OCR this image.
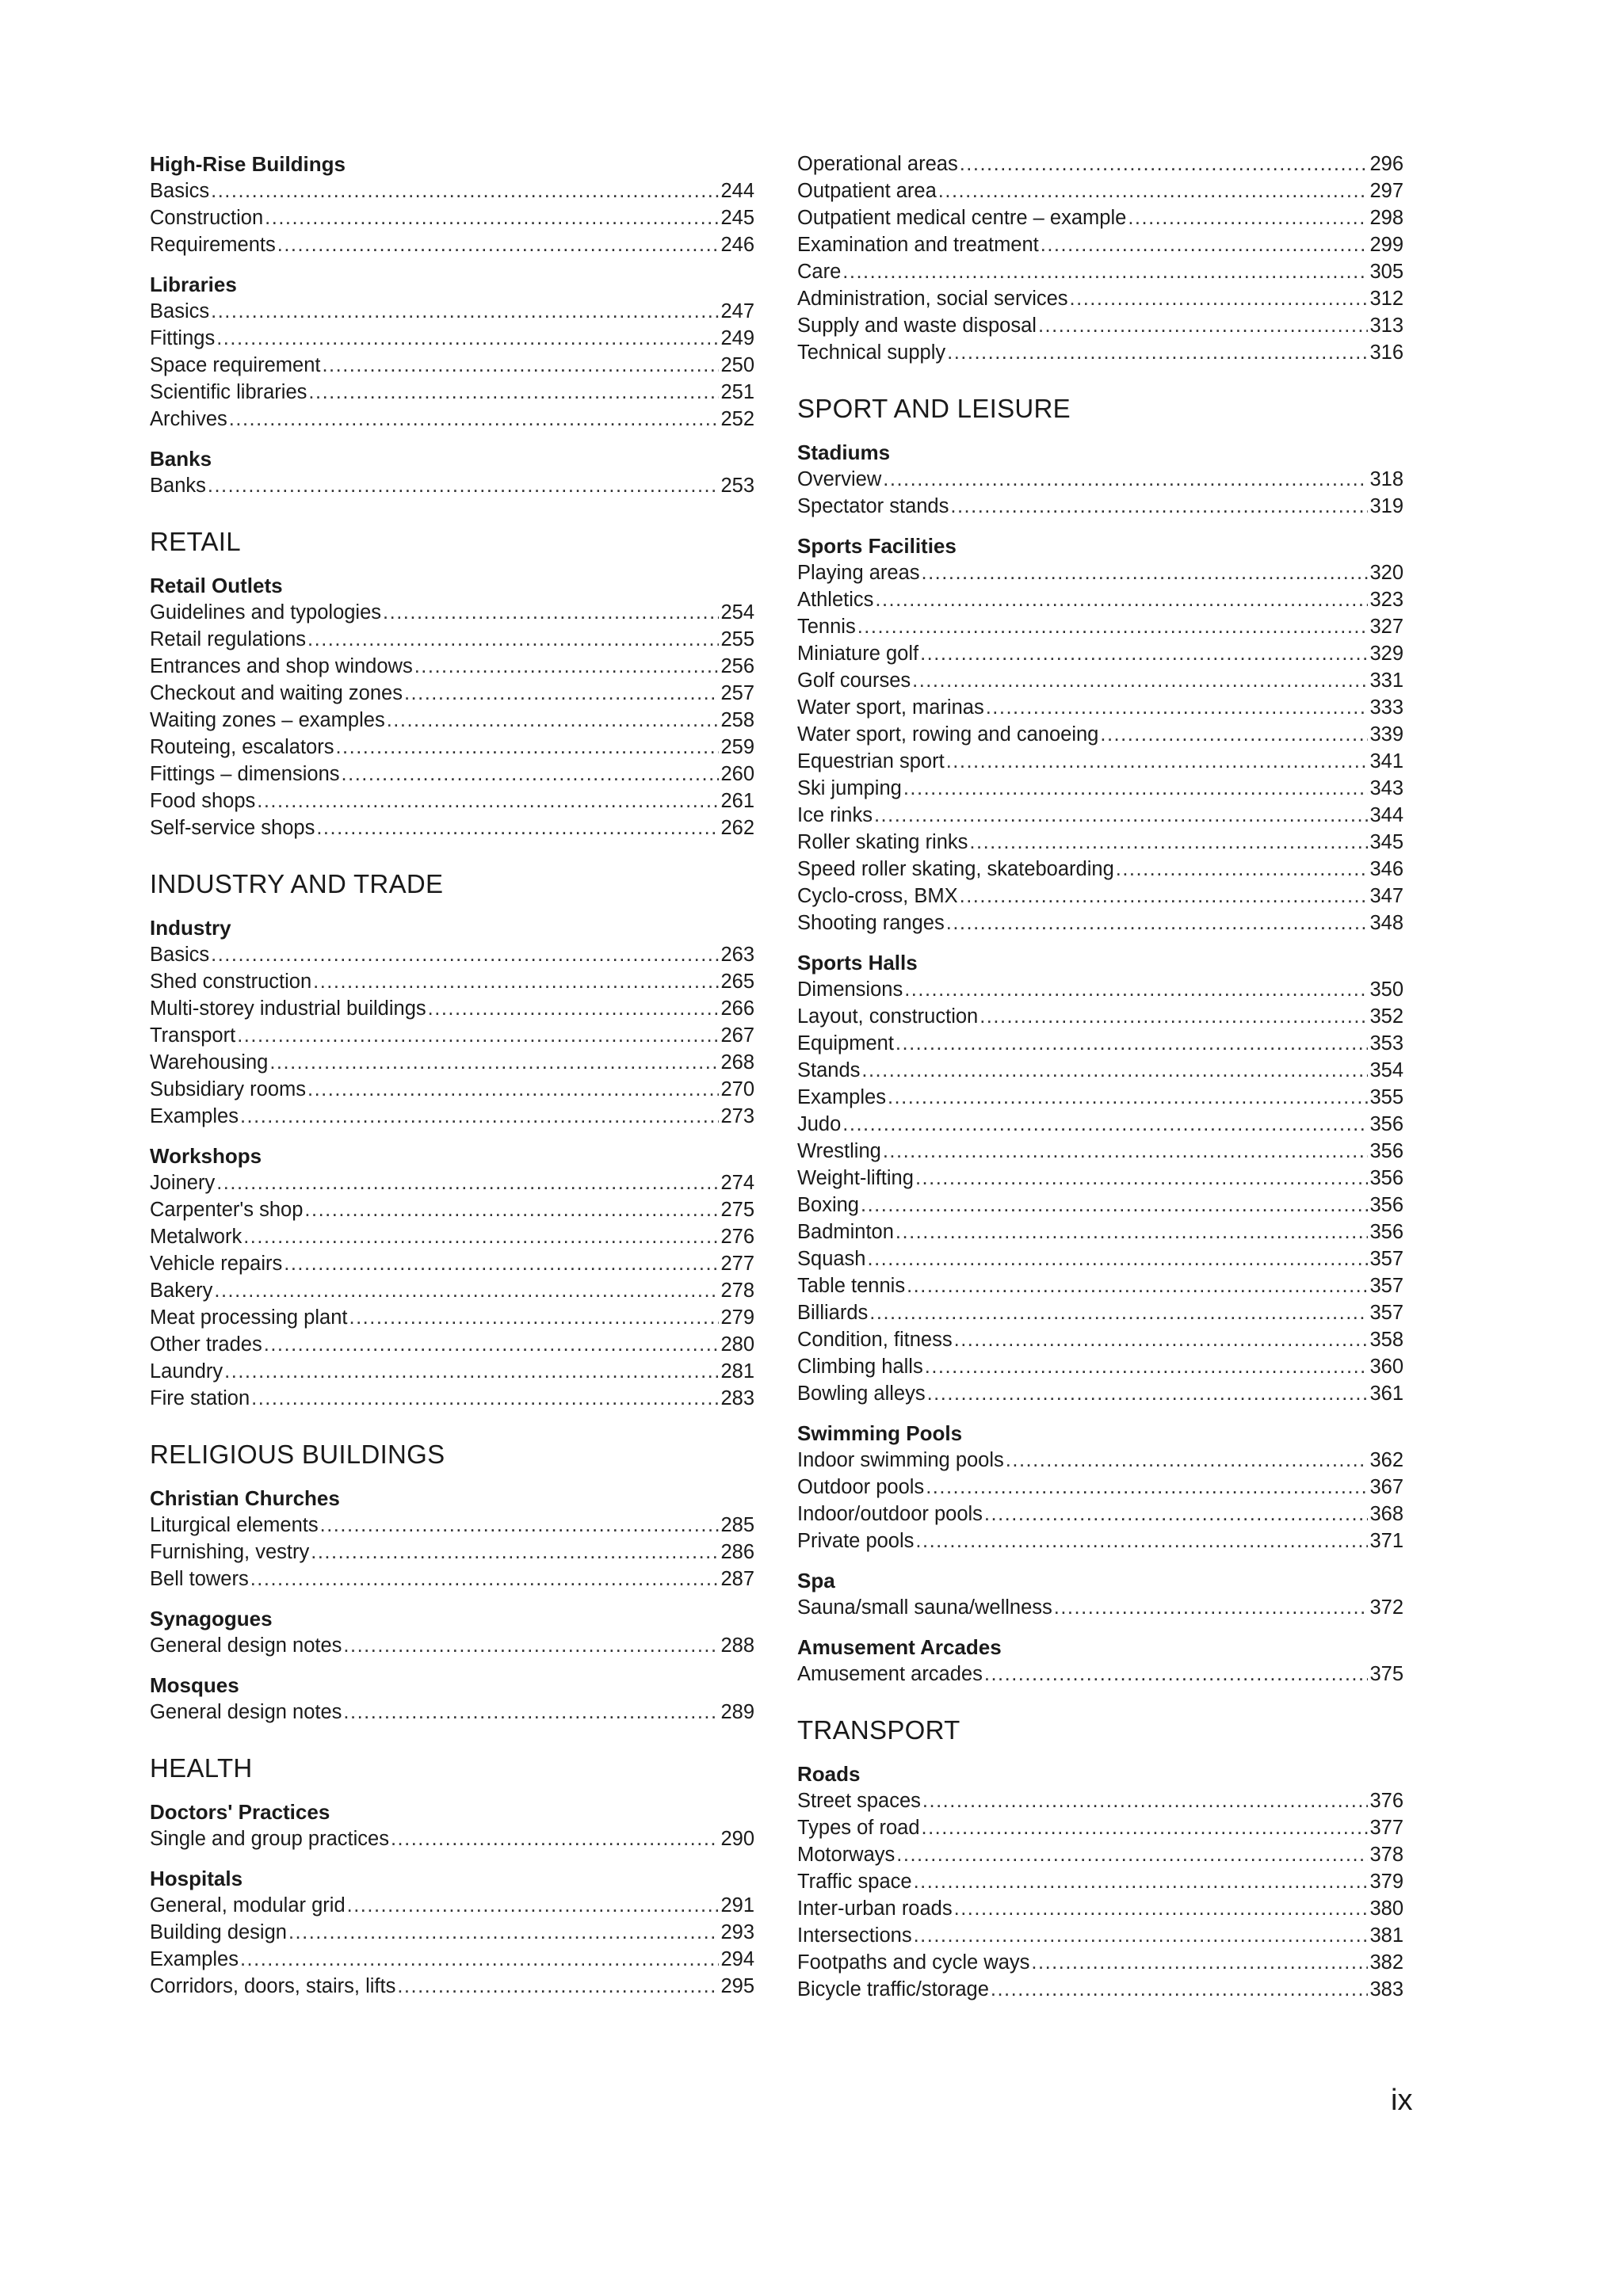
High-Rise Buildings
Basics .....	244
Construction .....	245
Requirements .....	246
Libraries
Basics .....	247
Fittings .....	249
Space requirement .....	250
Scientific libraries .....	251
Archives .....	252
Banks
Banks .....	253
RETAIL
Retail Outlets
Guidelines and typologies .....	254
Retail regulations .....	255
Entrances and shop windows .....	256
Checkout and waiting zones .....	257
Waiting zones – examples .....	258
Routeing, escalators .....	259
Fittings – dimensions .....	260
Food shops .....	261
Self-service shops .....	262
INDUSTRY AND TRADE
Industry
Basics .....	263
Shed construction .....	265
Multi-storey industrial buildings .....	266
Transport .....	267
Warehousing .....	268
Subsidiary rooms .....	270
Examples .....	273
Workshops
Joinery .....	274
Carpenter's shop .....	275
Metalwork .....	276
Vehicle repairs .....	277
Bakery .....	278
Meat processing plant .....	279
Other trades .....	280
Laundry .....	281
Fire station .....	283
RELIGIOUS BUILDINGS
Christian Churches
Liturgical elements .....	285
Furnishing, vestry .....	286
Bell towers .....	287
Synagogues
General design notes .....	288
Mosques
General design notes .....	289
HEALTH
Doctors' Practices
Single and group practices .....	290
Hospitals
General, modular grid .....	291
Building design .....	293
Examples .....	294
Corridors, doors, stairs, lifts .....	295
Operational areas .....	296
Outpatient area .....	297
Outpatient medical centre – example .....	298
Examination and treatment .....	299
Care .....	305
Administration, social services .....	312
Supply and waste disposal .....	313
Technical supply .....	316
SPORT AND LEISURE
Stadiums
Overview .....	318
Spectator stands .....	319
Sports Facilities
Playing areas .....	320
Athletics .....	323
Tennis .....	327
Miniature golf .....	329
Golf courses .....	331
Water sport, marinas .....	333
Water sport, rowing and canoeing .....	339
Equestrian sport .....	341
Ski jumping .....	343
Ice rinks .....	344
Roller skating rinks .....	345
Speed roller skating, skateboarding .....	346
Cyclo-cross, BMX .....	347
Shooting ranges .....	348
Sports Halls
Dimensions .....	350
Layout, construction .....	352
Equipment .....	353
Stands .....	354
Examples .....	355
Judo .....	356
Wrestling .....	356
Weight-lifting .....	356
Boxing .....	356
Badminton .....	356
Squash .....	357
Table tennis .....	357
Billiards .....	357
Condition, fitness .....	358
Climbing halls .....	360
Bowling alleys .....	361
Swimming Pools
Indoor swimming pools .....	362
Outdoor pools .....	367
Indoor/outdoor pools .....	368
Private pools .....	371
Spa
Sauna/small sauna/wellness .....	372
Amusement Arcades
Amusement arcades .....	375
TRANSPORT
Roads
Street spaces .....	376
Types of road .....	377
Motorways .....	378
Traffic space .....	379
Inter-urban roads .....	380
Intersections .....	381
Footpaths and cycle ways .....	382
Bicycle traffic/storage .....	383
ix
